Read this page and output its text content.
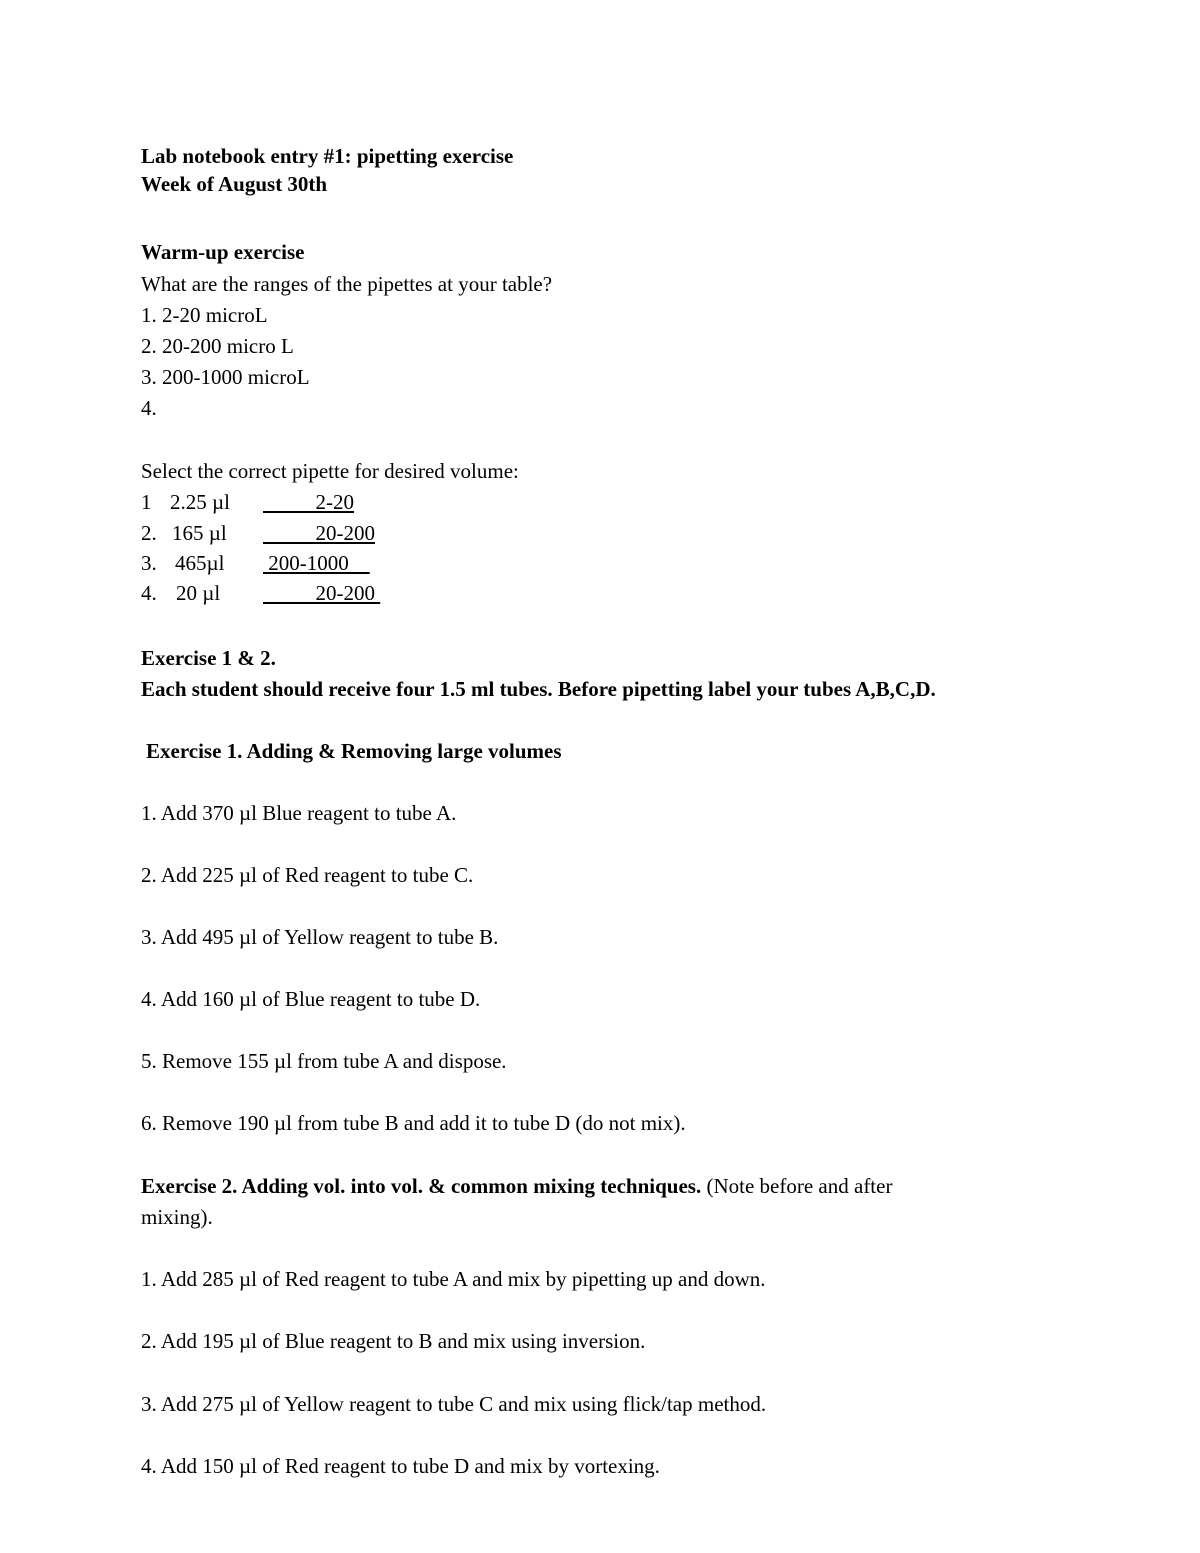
Lab notebook entry #1: pipetting exercise
Week of August 30th
Warm-up exercise
What are the ranges of the pipettes at your table?
1. 2-20 microL
2. 20-200 micro L
3. 200-1000 microL
4.
Select the correct pipette for desired volume:
1 2.25 µl 2-20
2. 165 µl 20-200
3. 465µl 200-1000
4. 20 µl 20-200
Exercise 1 & 2.
Each student should receive four 1.5 ml tubes. Before pipetting label your tubes A,B,C,D.
Exercise 1. Adding & Removing large volumes
1. Add 370 µl Blue reagent to tube A.
2. Add 225 µl of Red reagent to tube C.
3. Add 495 µl of Yellow reagent to tube B.
4. Add 160 µl of Blue reagent to tube D.
5. Remove 155 µl from tube A and dispose.
6. Remove 190 µl from tube B and add it to tube D (do not mix).
Exercise 2. Adding vol. into vol. & common mixing techniques. (Note before and after
mixing).
1. Add 285 µl of Red reagent to tube A and mix by pipetting up and down.
2. Add 195 µl of Blue reagent to B and mix using inversion.
3. Add 275 µl of Yellow reagent to tube C and mix using flick/tap method.
4. Add 150 µl of Red reagent to tube D and mix by vortexing.
